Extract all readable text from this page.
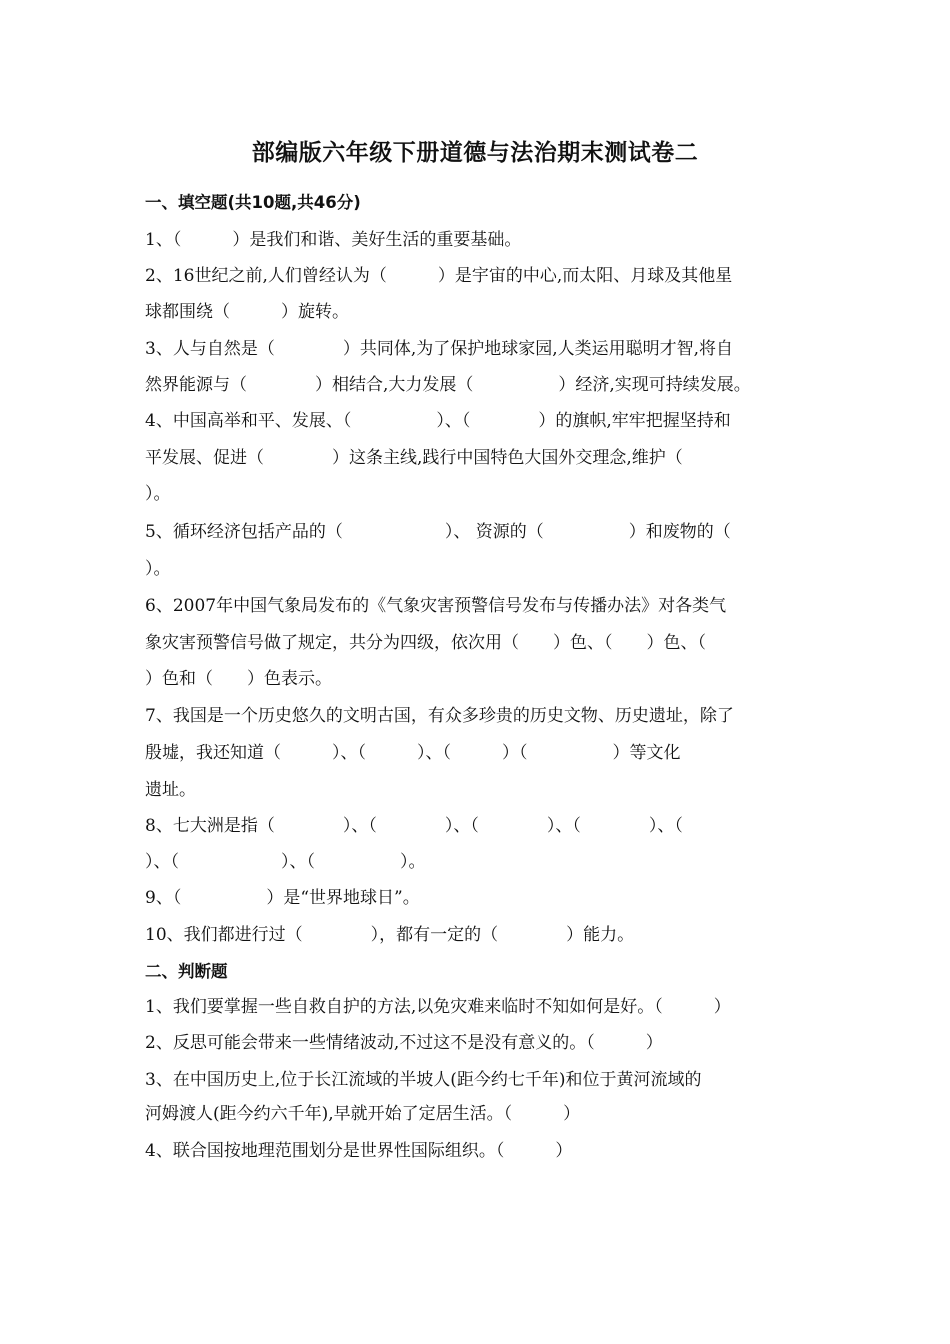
部编版六年级下册道德与法治期末测试卷二
一、填空题(共10题,共46分)
1、（　　　）是我们和谐、美好生活的重要基础。
2、16世纪之前,人们曾经认为（　　　）是宇宙的中心,而太阳、月球及其他星
球都围绕（　　　）旋转。
3、人与自然是（　　　　）共同体,为了保护地球家园,人类运用聪明才智,将自
然界能源与（　　　　）相结合,大力发展（　　　　　）经济,实现可持续发展。
4、中国高举和平、发展、（　　　　　）、（　　　　）的旗帜,牢牢把握坚持和
平发展、促进（　　　　）这条主线,践行中国特色大国外交理念,维护（
）。
5、循环经济包括产品的（　　　　　　）、 资源的（　　　　　）和废物的（
）。
6、2007年中国气象局发布的《气象灾害预警信号发布与传播办法》对各类气
象灾害预警信号做了规定，共分为四级，依次用（　　）色、（　　）色、（
）色和（　　）色表示。
7、我国是一个历史悠久的文明古国，有众多珍贵的历史文物、历史遗址，除了
殷墟，我还知道（　　　）、（　　　）、（　　　）（　　　　　）等文化
遗址。
8、七大洲是指（　　　　）、（　　　　）、（　　　　）、（　　　　）、（
）、（　　　　　　）、（　　　　　）。
9、（　　　　　）是“世界地球日”。
10、我们都进行过（　　　　），都有一定的（　　　　）能力。
二、判断题
1、我们要掌握一些自救自护的方法,以免灾难来临时不知如何是好。（　　　）
2、反思可能会带来一些情绪波动,不过这不是没有意义的。（　　　）
3、在中国历史上,位于长江流域的半坡人(距今约七千年)和位于黄河流域的
河姆渡人(距今约六千年),早就开始了定居生活。（　　　）
4、联合国按地理范围划分是世界性国际组织。（　　　）
